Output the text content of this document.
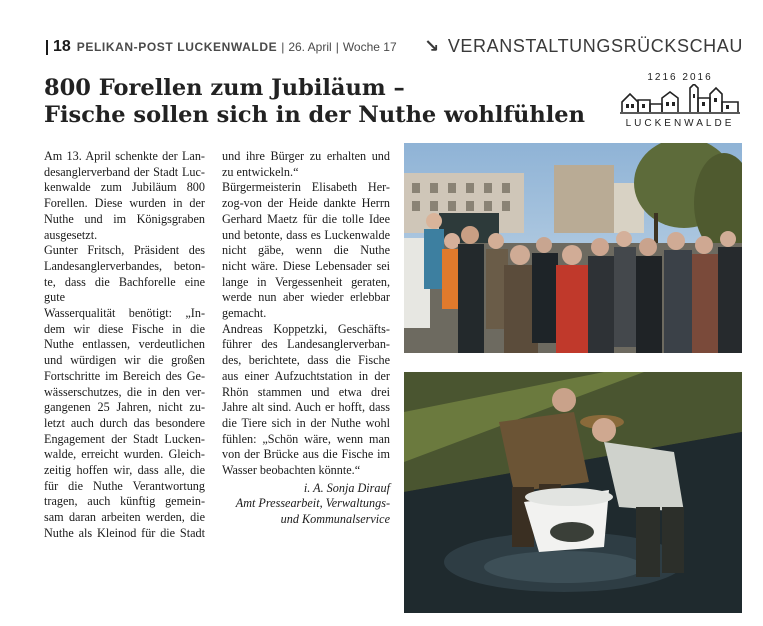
18 PELIKAN-POST LUCKENWALDE | 26. April | Woche 17 ↘ VERANSTALTUNGSRÜCKSCHAU
800 Forellen zum Jubiläum –
Fische sollen sich in der Nuthe wohlfühlen
1216 2016
LUCKENWALDE
Am 13. April schenkte der Lan-
desanglerverband der Stadt Luc-
kenwalde zum Jubiläum 800
Forellen. Diese wurden in der
Nuthe und im Königsgraben
ausgesetzt.
Gunter Fritsch, Präsident des
Landesanglerverbandes, beton-
te, dass die Bachforelle eine gute
Wasserqualität benötigt: „In-
dem wir diese Fische in die
Nuthe entlassen, verdeutlichen
und würdigen wir die großen
Fortschritte im Bereich des Ge-
wässerschutzes, die in den ver-
gangenen 25 Jahren, nicht zu-
letzt auch durch das besondere
Engagement der Stadt Lucken-
walde, erreicht wurden. Gleich-
zeitig hoffen wir, dass alle, die
für die Nuthe Verantwortung
tragen, auch künftig gemein-
sam daran arbeiten werden, die
Nuthe als Kleinod für die Stadt
und ihre Bürger zu erhalten und
zu entwickeln.“
Bürgermeisterin Elisabeth Her-
zog-von der Heide dankte Herrn
Gerhard Maetz für die tolle Idee
und betonte, dass es Luckenwalde
nicht gäbe, wenn die Nuthe
nicht wäre. Diese Lebensader sei
lange in Vergessenheit geraten,
werde nun aber wieder erlebbar
gemacht.
Andreas Koppetzki, Geschäfts-
führer des Landesanglerverban-
des, berichtete, dass die Fische
aus einer Aufzuchtstation in der
Rhön stammen und etwa drei
Jahre alt sind. Auch er hofft, dass
die Tiere sich in der Nuthe wohl
fühlen: „Schön wäre, wenn man
von der Brücke aus die Fische im
Wasser beobachten könnte.“
i. A. Sonja Dirauf
Amt Pressearbeit, Verwaltungs-
und Kommunalservice
